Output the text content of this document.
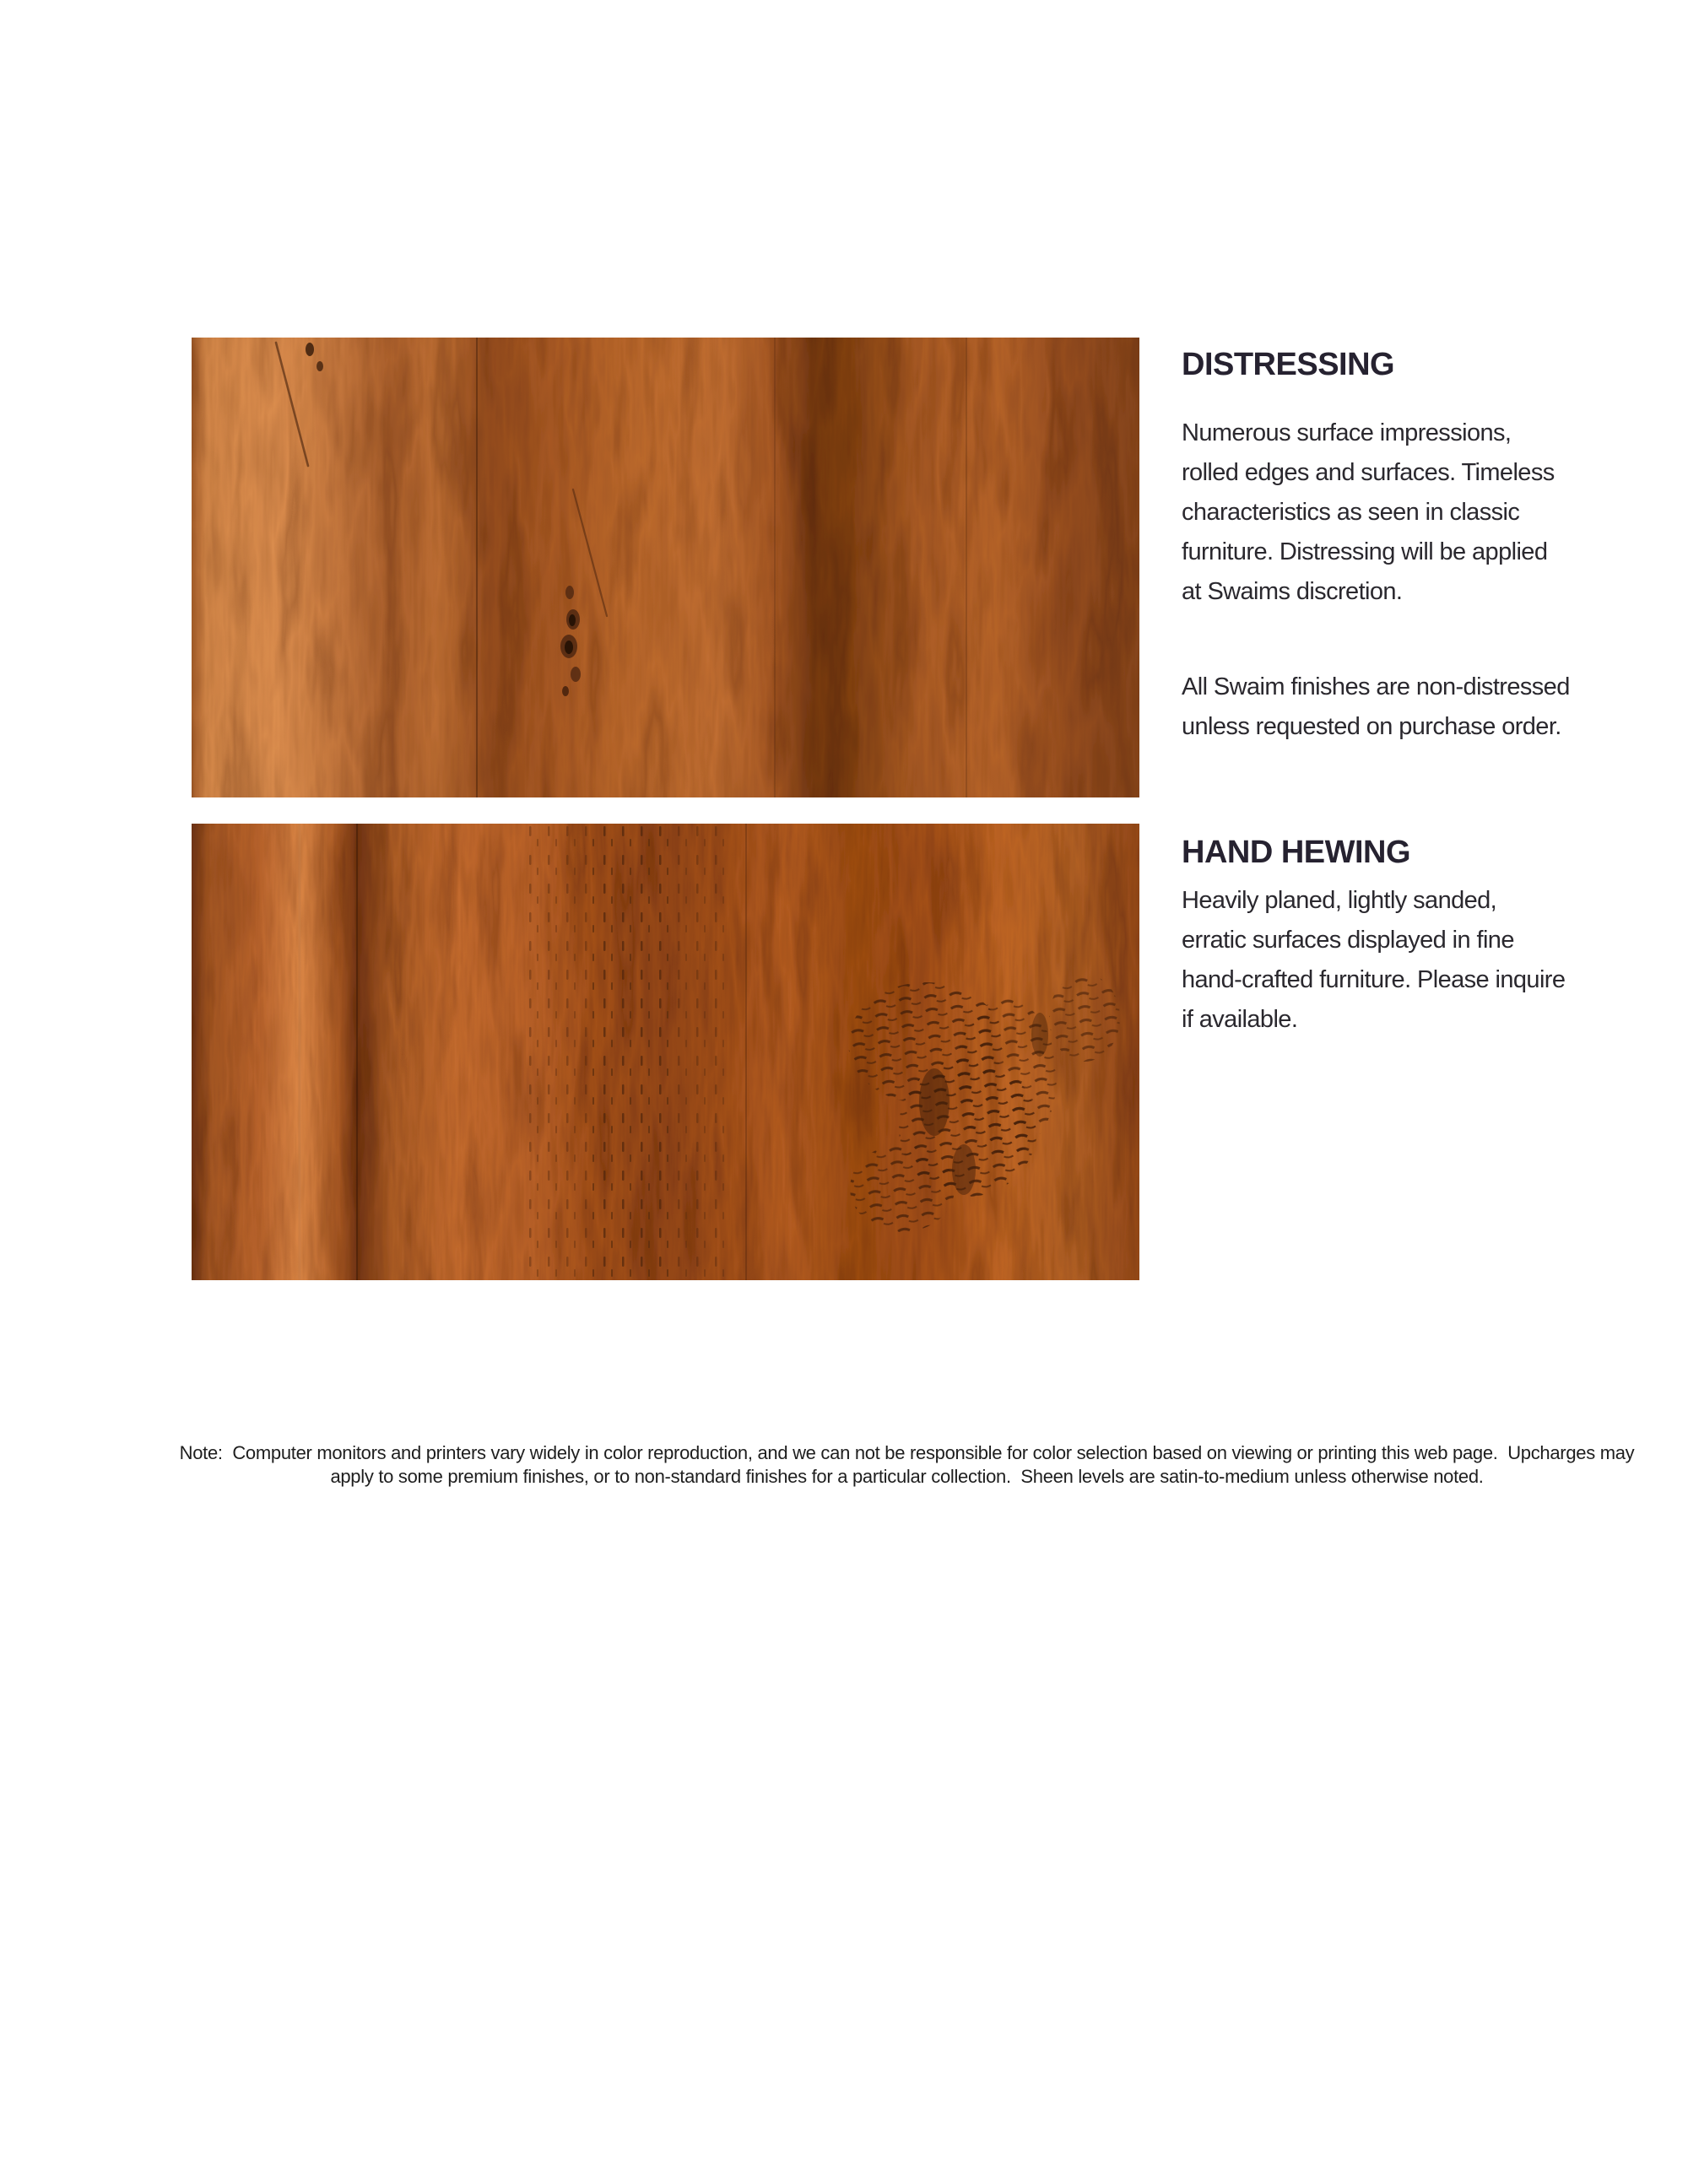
DISTRESSING
Numerous surface impressions,
rolled edges and surfaces. Timeless
characteristics as seen in classic
furniture. Distressing will be applied
at Swaims discretion.
All Swaim finishes are non-distressed
unless requested on purchase order.
HAND HEWING
Heavily planed, lightly sanded,
erratic surfaces displayed in fine
hand-crafted furniture. Please inquire
if available.
Note:  Computer monitors and printers vary widely in color reproduction, and we can not be responsible for color selection based on viewing or printing this web page.  Upcharges may
apply to some premium finishes, or to non-standard finishes for a particular collection.  Sheen levels are satin-to-medium unless otherwise noted.
